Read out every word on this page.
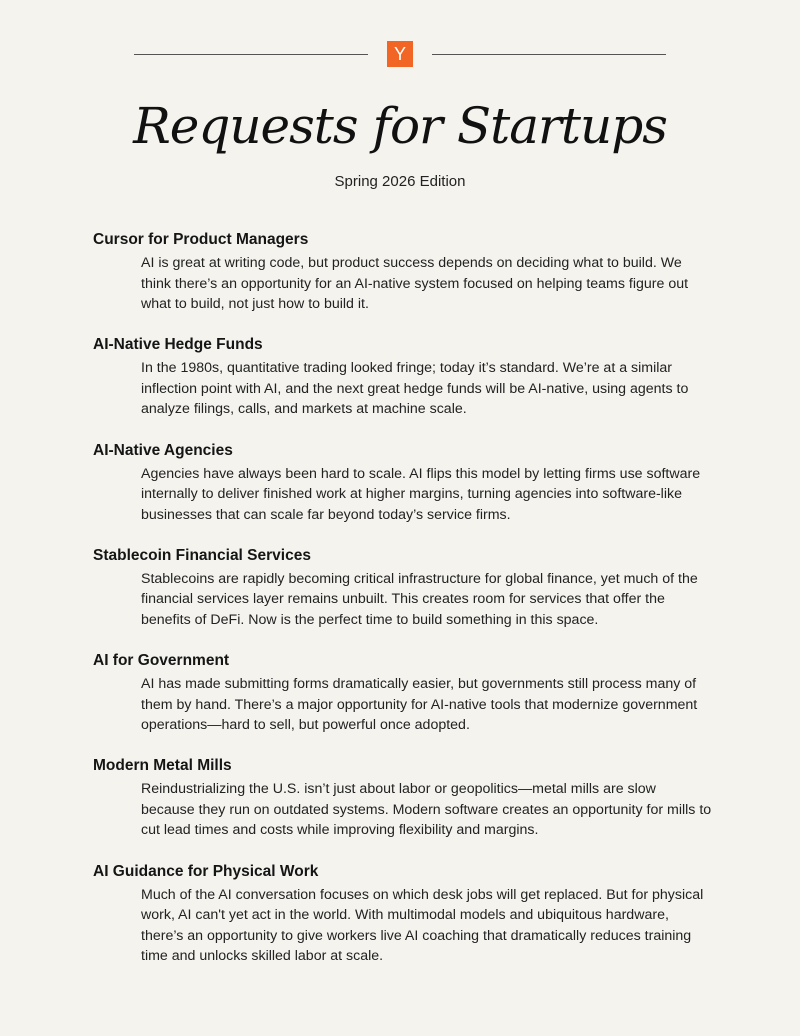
Y
Requests for Startups
Spring 2026 Edition
Cursor for Product Managers

AI is great at writing code, but product success depends on deciding what to build. We think there’s an opportunity for an AI-native system focused on helping teams figure out what to build, not just how to build it.

AI-Native Hedge Funds

In the 1980s, quantitative trading looked fringe; today it’s standard. We’re at a similar inflection point with AI, and the next great hedge funds will be AI-native, using agents to analyze filings, calls, and markets at machine scale.

AI-Native Agencies

Agencies have always been hard to scale. AI flips this model by letting firms use software internally to deliver finished work at higher margins, turning agencies into software-like businesses that can scale far beyond today’s service firms.

Stablecoin Financial Services

Stablecoins are rapidly becoming critical infrastructure for global finance, yet much of the financial services layer remains unbuilt. This creates room for services that offer the benefits of DeFi. Now is the perfect time to build something in this space.

AI for Government

AI has made submitting forms dramatically easier, but governments still process many of them by hand. There’s a major opportunity for AI-native tools that modernize government operations—hard to sell, but powerful once adopted.

Modern Metal Mills

Reindustrializing the U.S. isn’t just about labor or geopolitics—metal mills are slow because they run on outdated systems. Modern software creates an opportunity for mills to cut lead times and costs while improving flexibility and margins.

AI Guidance for Physical Work

Much of the AI conversation focuses on which desk jobs will get replaced. But for physical work, AI can't yet act in the world. With multimodal models and ubiquitous hardware, there’s an opportunity to give workers live AI coaching that dramatically reduces training time and unlocks skilled labor at scale.
